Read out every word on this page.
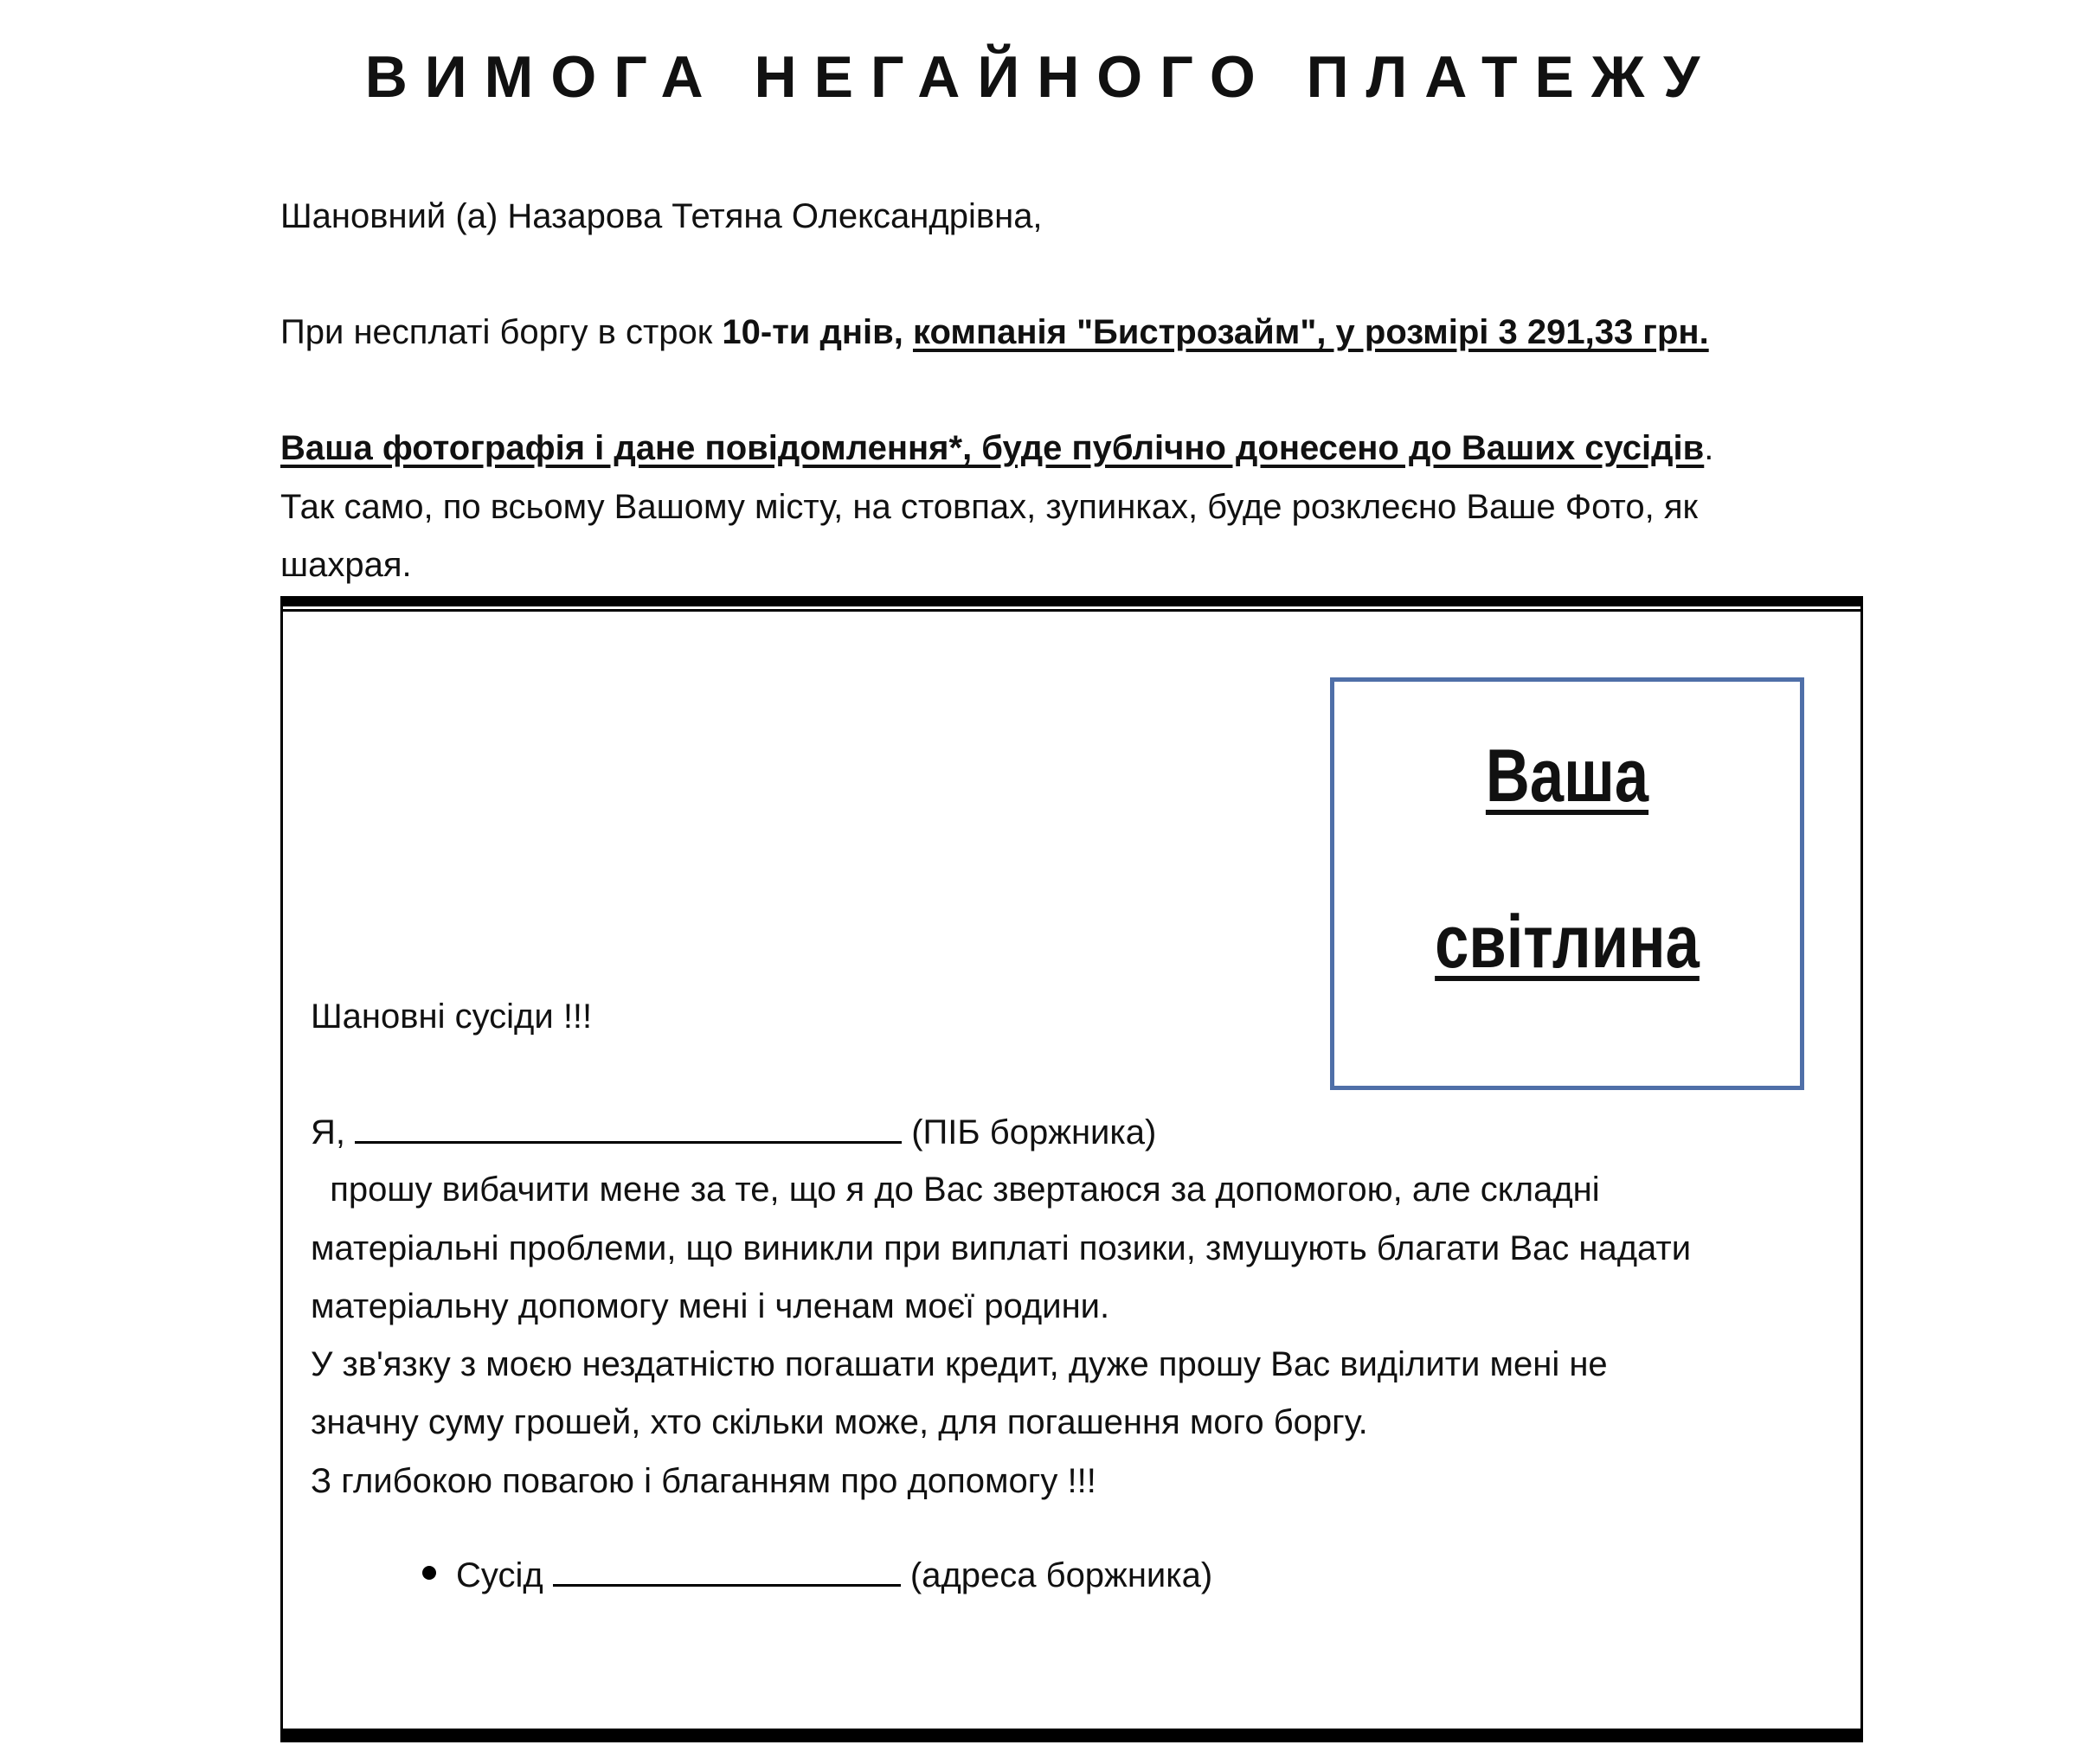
ВИМОГА НЕГАЙНОГО ПЛАТЕЖУ
Шановний (а) Назарова Тетяна Олександрівна,
При несплаті боргу в строк 10-ти днів, компанія "Бистрозайм", у розмірі 3 291,33 грн.
Ваша фотографія і дане повідомлення*, буде публічно донесено до Ваших сусідів.
Так само, по всьому Вашому місту, на стовпах, зупинках, буде розклеєно Ваше Фото, як
шахрая.
Ваша
світлина
Шановні сусіди !!!
Я,	(ПІБ боржника)
прошу вибачити мене за те, що я до Вас звертаюся за допомогою, але складні
матеріальні проблеми, що виникли при виплаті позики, змушують благати Вас надати
матеріальну допомогу мені і членам моєї родини.
У зв'язку з моєю нездатністю погашати кредит, дуже прошу Вас виділити мені не
значну суму грошей, хто скільки може, для погашення мого боргу.
З глибокою повагою і благанням про допомогу !!!
Сусід	(адреса боржника)
